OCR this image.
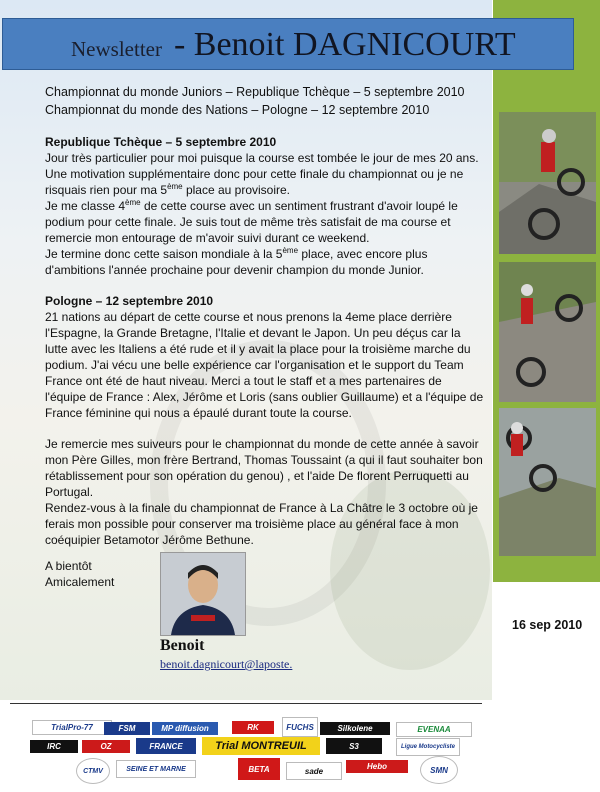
Newsletter - Benoit DAGNICOURT

Championnat du monde Juniors – Republique Tchèque – 5 septembre 2010

Championnat du monde des Nations – Pologne – 12 septembre 2010

Republique Tchèque – 5 septembre 2010

Jour très particulier pour moi puisque la course est tombée le jour de mes 20 ans. Une motivation supplémentaire donc pour cette finale du championnat ou je ne risquais rien pour ma 5ème place au provisoire.

Je me classe 4ème de cette course avec un sentiment frustrant d'avoir loupé le podium pour cette finale. Je suis tout de même très satisfait de ma course et remercie mon entourage de m'avoir suivi durant ce weekend.

Je termine donc cette saison mondiale à la 5ème place, avec encore plus d'ambitions l'année prochaine pour devenir champion du monde Junior.

Pologne – 12 septembre 2010

21 nations au départ de cette course et nous prenons la 4eme place derrière l'Espagne, la Grande Bretagne, l'Italie et devant le Japon. Un peu déçus car la lutte avec les Italiens a été rude et il y avait la place pour la troisième marche du podium. J'ai vécu une belle expérience car l'organisation et le support du Team France ont été de haut niveau. Merci a tout le staff et a mes partenaires de l'équipe de France : Alex, Jérôme et Loris (sans oublier Guillaume) et a l'équipe de France féminine qui nous a épaulé durant toute la course.

Je remercie mes suiveurs pour le championnat du monde de cette année à savoir mon Père Gilles, mon frère Bertrand, Thomas Toussaint (a qui il faut souhaiter bon rétablissement pour son opération du genou) , et l'aide De florent Perruquetti au Portugal.

Rendez-vous à la finale du championnat de France à La Châtre le 3 octobre où je ferais mon possible pour conserver ma troisième place au général face à mon coéquipier Betamotor Jérôme Bethune.

A bientôt

Amicalement

Benoit
benoit.dagnicourt@laposte.
16 sep 2010
TrialPro-77	FSM	MP diffusion	RK	FUCHS	Silkolene	EVENAA
IRC	OZ	FRANCE	Trial MONTREUIL	S3	Ligue Motocycliste
CTMV	SEINE ET MARNE	BETA	sade	Hebo	SMN
